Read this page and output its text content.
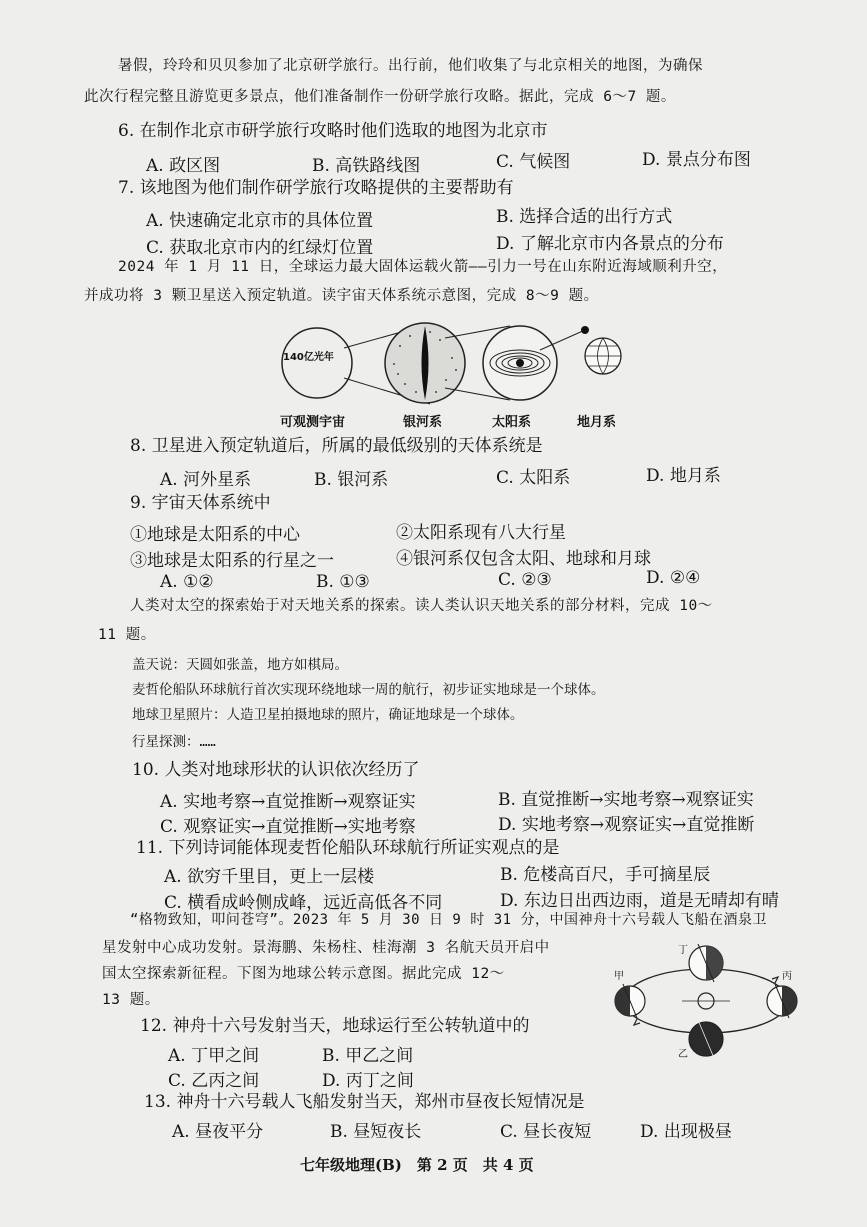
暑假，玲玲和贝贝参加了北京研学旅行。出行前，他们收集了与北京相关的地图，为确保
此次行程完整且游览更多景点，他们准备制作一份研学旅行攻略。据此，完成 6～7 题。
6. 在制作北京市研学旅行攻略时他们选取的地图为北京市
A. 政区图	B. 高铁路线图	C. 气候图	D. 景点分布图
7. 该地图为他们制作研学旅行攻略提供的主要帮助有
A. 快速确定北京市的具体位置	B. 选择合适的出行方式
C. 获取北京市内的红绿灯位置	D. 了解北京市内各景点的分布
2024 年 1 月 11 日，全球运力最大固体运载火箭——引力一号在山东附近海域顺利升空，
并成功将 3 颗卫星送入预定轨道。读宇宙天体系统示意图，完成 8～9 题。
140亿光年
可观测宇宙	银河系	太阳系	地月系
8. 卫星进入预定轨道后，所属的最低级别的天体系统是
A. 河外星系	B. 银河系	C. 太阳系	D. 地月系
9. 宇宙天体系统中
①地球是太阳系的中心	②太阳系现有八大行星
③地球是太阳系的行星之一	④银河系仅包含太阳、地球和月球
A. ①②	B. ①③	C. ②③	D. ②④
人类对太空的探索始于对天地关系的探索。读人类认识天地关系的部分材料，完成 10～
11 题。
盖天说：天圆如张盖，地方如棋局。
麦哲伦船队环球航行首次实现环绕地球一周的航行，初步证实地球是一个球体。
地球卫星照片：人造卫星拍摄地球的照片，确证地球是一个球体。
行星探测：……
10. 人类对地球形状的认识依次经历了
A. 实地考察→直觉推断→观察证实	B. 直觉推断→实地考察→观察证实
C. 观察证实→直觉推断→实地考察	D. 实地考察→观察证实→直觉推断
11. 下列诗词能体现麦哲伦船队环球航行所证实观点的是
A. 欲穷千里目，更上一层楼	B. 危楼高百尺，手可摘星辰
C. 横看成岭侧成峰，远近高低各不同	D. 东边日出西边雨，道是无晴却有晴
“格物致知，叩问苍穹”。2023 年 5 月 30 日 9 时 31 分，中国神舟十六号载人飞船在酒泉卫
星发射中心成功发射。景海鹏、朱杨柱、桂海潮 3 名航天员开启中
国太空探索新征程。下图为地球公转示意图。据此完成 12～
13 题。
丁
甲	丙
乙
12. 神舟十六号发射当天，地球运行至公转轨道中的
A. 丁甲之间	B. 甲乙之间
C. 乙丙之间	D. 丙丁之间
13. 神舟十六号载人飞船发射当天，郑州市昼夜长短情况是
A. 昼夜平分	B. 昼短夜长	C. 昼长夜短	D. 出现极昼
七年级地理(B)　第 2 页　共 4 页
